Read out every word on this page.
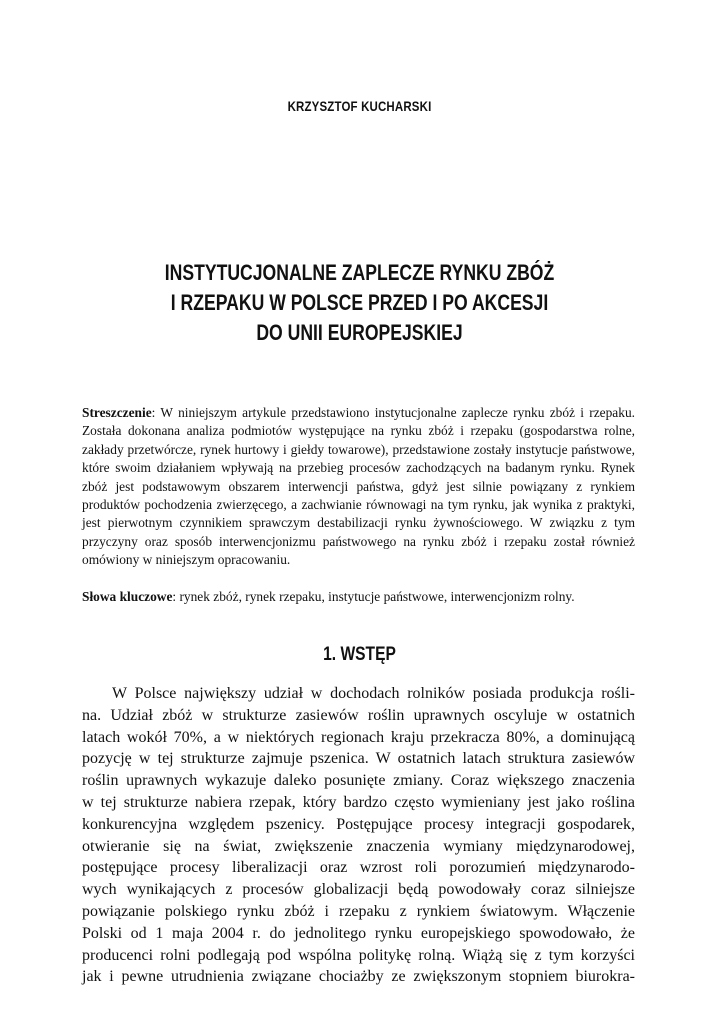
KRZYSZTOF KUCHARSKI
INSTYTUCJONALNE ZAPLECZE RYNKU ZBÓŻ
I RZEPAKU W POLSCE PRZED I PO AKCESJI
DO UNII EUROPEJSKIEJ
Streszczenie: W niniejszym artykule przedstawiono instytucjonalne zaplecze rynku zbóż i rzepaku. Została dokonana analiza podmiotów występujące na rynku zbóż i rzepaku (gospodarstwa rolne, zakłady przetwórcze, rynek hurtowy i giełdy towarowe), przedstawione zostały instytucje państwowe, które swoim działaniem wpływają na przebieg procesów zachodzących na badanym rynku. Rynek zbóż jest podstawowym obszarem interwencji państwa, gdyż jest silnie powiązany z rynkiem produktów pochodzenia zwierzęcego, a zachwianie równowagi na tym rynku, jak wynika z praktyki, jest pierwotnym czynnikiem sprawczym destabilizacji rynku żywnościowego. W związku z tym przyczyny oraz sposób interwencjonizmu państwowego na rynku zbóż i rzepaku został również omówiony w niniejszym opracowaniu.
Słowa kluczowe: rynek zbóż, rynek rzepaku, instytucje państwowe, interwencjonizm rolny.
1. WSTĘP
W Polsce największy udział w dochodach rolników posiada produkcja rośli-
na. Udział zbóż w strukturze zasiewów roślin uprawnych oscyluje w ostatnich
latach wokół 70%, a w niektórych regionach kraju przekracza 80%, a dominującą
pozycję w tej strukturze zajmuje pszenica. W ostatnich latach struktura zasiewów
roślin uprawnych wykazuje daleko posunięte zmiany. Coraz większego znaczenia
w tej strukturze nabiera rzepak, który bardzo często wymieniany jest jako roślina
konkurencyjna względem pszenicy. Postępujące procesy integracji gospodarek,
otwieranie się na świat, zwiększenie znaczenia wymiany międzynarodowej,
postępujące procesy liberalizacji oraz wzrost roli porozumień międzynarodo-
wych wynikających z procesów globalizacji będą powodowały coraz silniejsze
powiązanie polskiego rynku zbóż i rzepaku z rynkiem światowym. Włączenie
Polski od 1 maja 2004 r. do jednolitego rynku europejskiego spowodowało, że
producenci rolni podlegają pod wspólna politykę rolną. Wiążą się z tym korzyści
jak i pewne utrudnienia związane chociażby ze zwiększonym stopniem biurokra-
